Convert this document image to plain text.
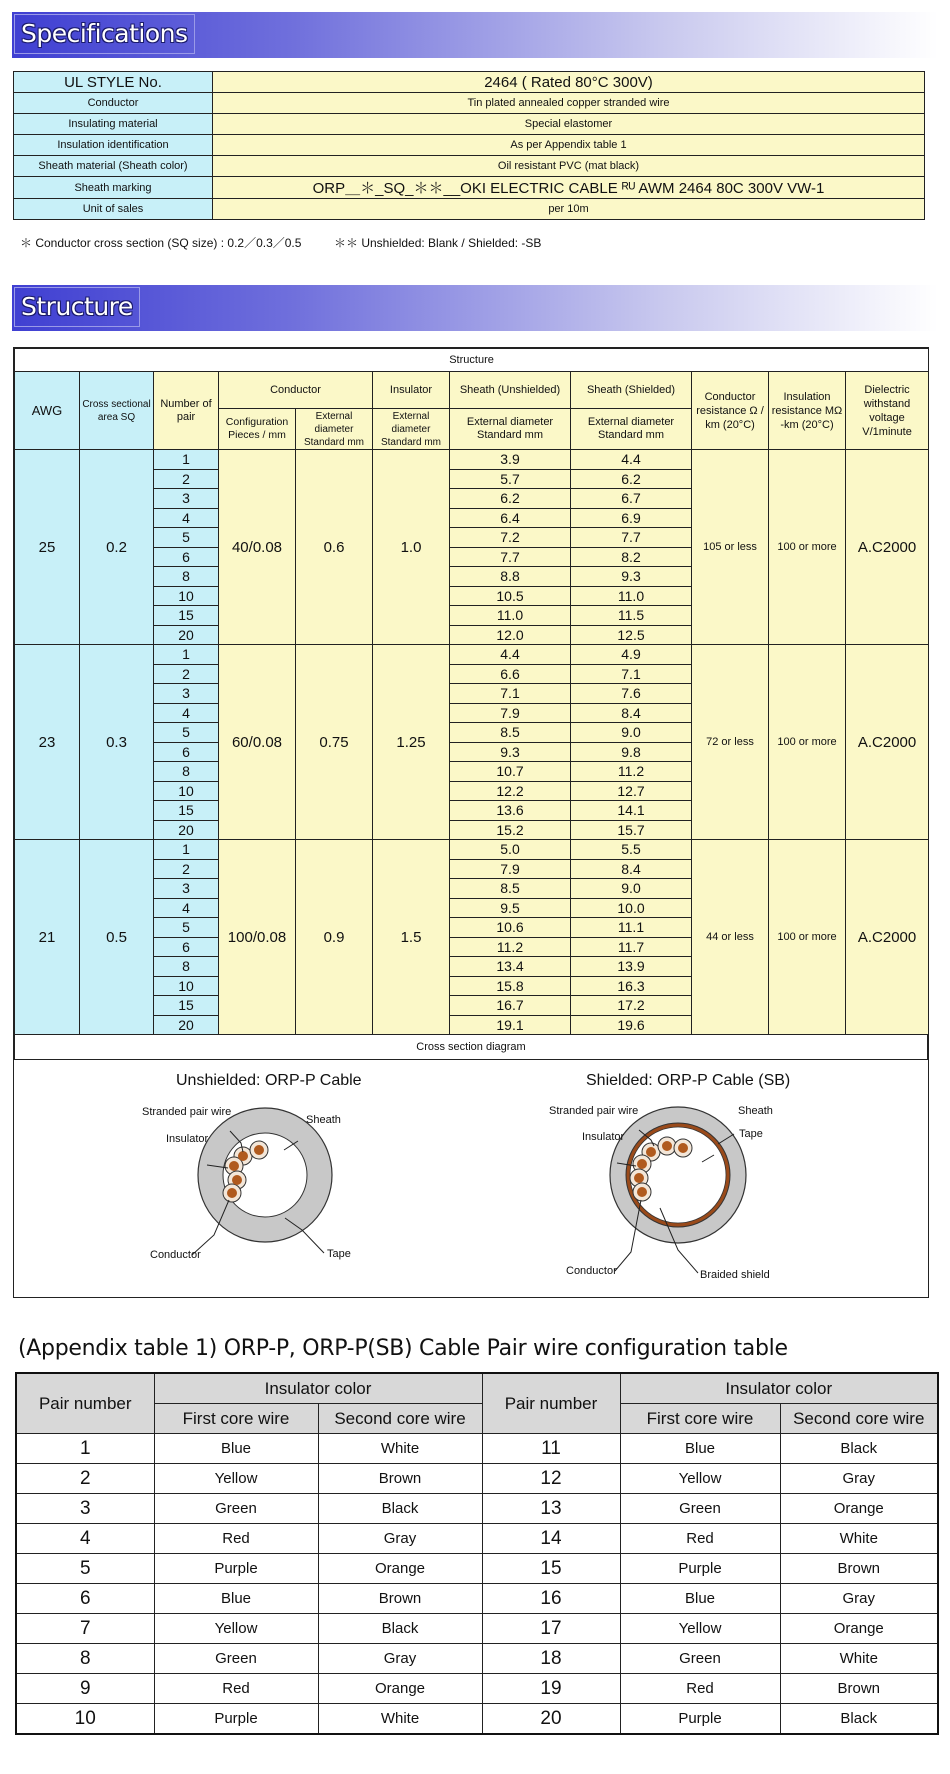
Specifications
UL STYLE No.	2464 ( Rated 80°C 300V)
Conductor	Tin plated annealed copper stranded wire
Insulating material	Special elastomer
Insulation identification	As per Appendix table 1
Sheath material (Sheath color)	Oil resistant PVC (mat black)
Sheath marking	ORP＿＊_SQ_＊＊__OKI ELECTRIC CABLE ᴿᵁ AWM 2464 80C 300V VW-1
Unit of sales	per 10m
＊ Conductor cross section (SQ size) : 0.2／0.3／0.5	＊＊ Unshielded: Blank / Shielded: -SB
Structure
Structure										
AWG	Cross sectional area SQ	Number of pair	Conductor		Insulator	Sheath (Unshielded)	Sheath (Shielded)	Conductor resistance Ω / km (20°C)	Insulation resistance MΩ -km (20°C)	Dielectric withstand voltage V/1minute
			Configuration Pieces / mm	External diameter Standard mm	External diameter Standard mm	External diameter Standard mm	External diameter Standard mm			
25	0.2	1	40/0.08	0.6	1.0	3.9	4.4	105 or less	100 or more	A.C2000
		2				5.7	6.2			
		3				6.2	6.7			
		4				6.4	6.9			
		5				7.2	7.7			
		6				7.7	8.2			
		8				8.8	9.3			
		10				10.5	11.0			
		15				11.0	11.5			
		20				12.0	12.5			
23	0.3	1	60/0.08	0.75	1.25	4.4	4.9	72 or less	100 or more	A.C2000
		2				6.6	7.1			
		3				7.1	7.6			
		4				7.9	8.4			
		5				8.5	9.0			
		6				9.3	9.8			
		8				10.7	11.2			
		10				12.2	12.7			
		15				13.6	14.1			
		20				15.2	15.7			
21	0.5	1	100/0.08	0.9	1.5	5.0	5.5	44 or less	100 or more	A.C2000
		2				7.9	8.4			
		3				8.5	9.0			
		4				9.5	10.0			
		5				10.6	11.1			
		6				11.2	11.7			
		8				13.4	13.9			
		10				15.8	16.3			
		15				16.7	17.2			
		20				19.1	19.6			
Cross section diagram
Unshielded: ORP-P Cable	Shielded: ORP-P Cable (SB)
Stranded pair wire
Sheath
Insulator
Conductor	Tape
Stranded pair wire	Sheath
Tape
Insulator
Conductor	Braided shield
(Appendix table 1) ORP-P, ORP-P(SB) Cable Pair wire configuration table
Pair number	Insulator color		Pair number	Insulator color	
	First core wire	Second core wire		First core wire	Second core wire
1	Blue	White	11	Blue	Black
2	Yellow	Brown	12	Yellow	Gray
3	Green	Black	13	Green	Orange
4	Red	Gray	14	Red	White
5	Purple	Orange	15	Purple	Brown
6	Blue	Brown	16	Blue	Gray
7	Yellow	Black	17	Yellow	Orange
8	Green	Gray	18	Green	White
9	Red	Orange	19	Red	Brown
10	Purple	White	20	Purple	Black
